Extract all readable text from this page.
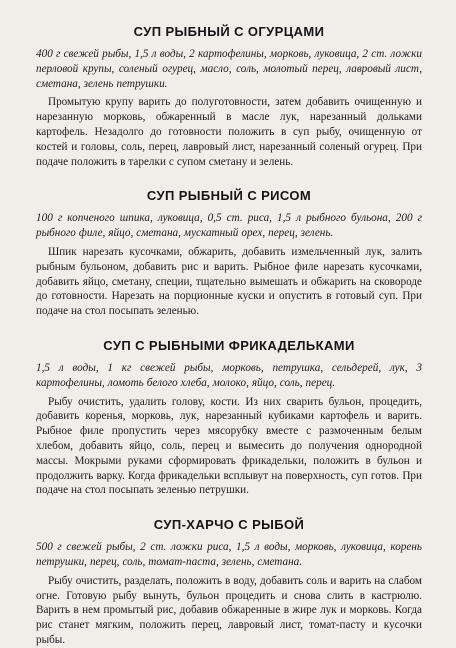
СУП РЫБНЫЙ С ОГУРЦАМИ

400 г свежей рыбы, 1,5 л воды, 2 картофелины, морковь, луковица, 2 ст. ложки перловой крупы, соленый огурец, масло, соль, молотый перец, лавровый лист, сметана, зелень петрушки.

Промытую крупу варить до полуготовности, затем добавить очищенную и нарезанную морковь, обжаренный в масле лук, нарезанный дольками картофель. Незадолго до готовности положить в суп рыбу, очищенную от костей и головы, соль, перец, лавровый лист, нарезанный соленый огурец. При подаче положить в тарелки с супом сметану и зелень.

СУП РЫБНЫЙ С РИСОМ

100 г копченого шпика, луковица, 0,5 ст. риса, 1,5 л рыбного бульона, 200 г рыбного филе, яйцо, сметана, мускатный орех, перец, зелень.

Шпик нарезать кусочками, обжарить, добавить измельченный лук, залить рыбным бульоном, добавить рис и варить. Рыбное филе нарезать кусочками, добавить яйцо, сметану, специи, тщательно вымешать и обжарить на сковороде до готовности. Нарезать на порционные куски и опустить в готовый суп. При подаче на стол посыпать зеленью.

СУП С РЫБНЫМИ ФРИКАДЕЛЬКАМИ

1,5 л воды, 1 кг свежей рыбы, морковь, петрушка, сельдерей, лук, 3 картофелины, ломоть белого хлеба, молоко, яйцо, соль, перец.

Рыбу очистить, удалить голову, кости. Из них сварить бульон, процедить, добавить коренья, морковь, лук, нарезанный кубиками картофель и варить. Рыбное филе пропустить через мясорубку вместе с размоченным белым хлебом, добавить яйцо, соль, перец и вымесить до получения однородной массы. Мокрыми руками сформировать фрикадельки, положить в бульон и продолжить варку. Когда фрикадельки всплывут на поверхность, суп готов. При подаче на стол посыпать зеленью петрушки.

СУП-ХАРЧО С РЫБОЙ

500 г свежей рыбы, 2 ст. ложки риса, 1,5 л воды, морковь, луковица, корень петрушки, перец, соль, томат-паста, зелень, сметана.

Рыбу очистить, разделать, положить в воду, добавить соль и варить на слабом огне. Готовую рыбу вынуть, бульон процедить и снова слить в кастрюлю. Варить в нем промытый рис, добавив обжаренные в жире лук и морковь. Когда рис станет мягким, положить перец, лавровый лист, томат-пасту и кусочки рыбы.
